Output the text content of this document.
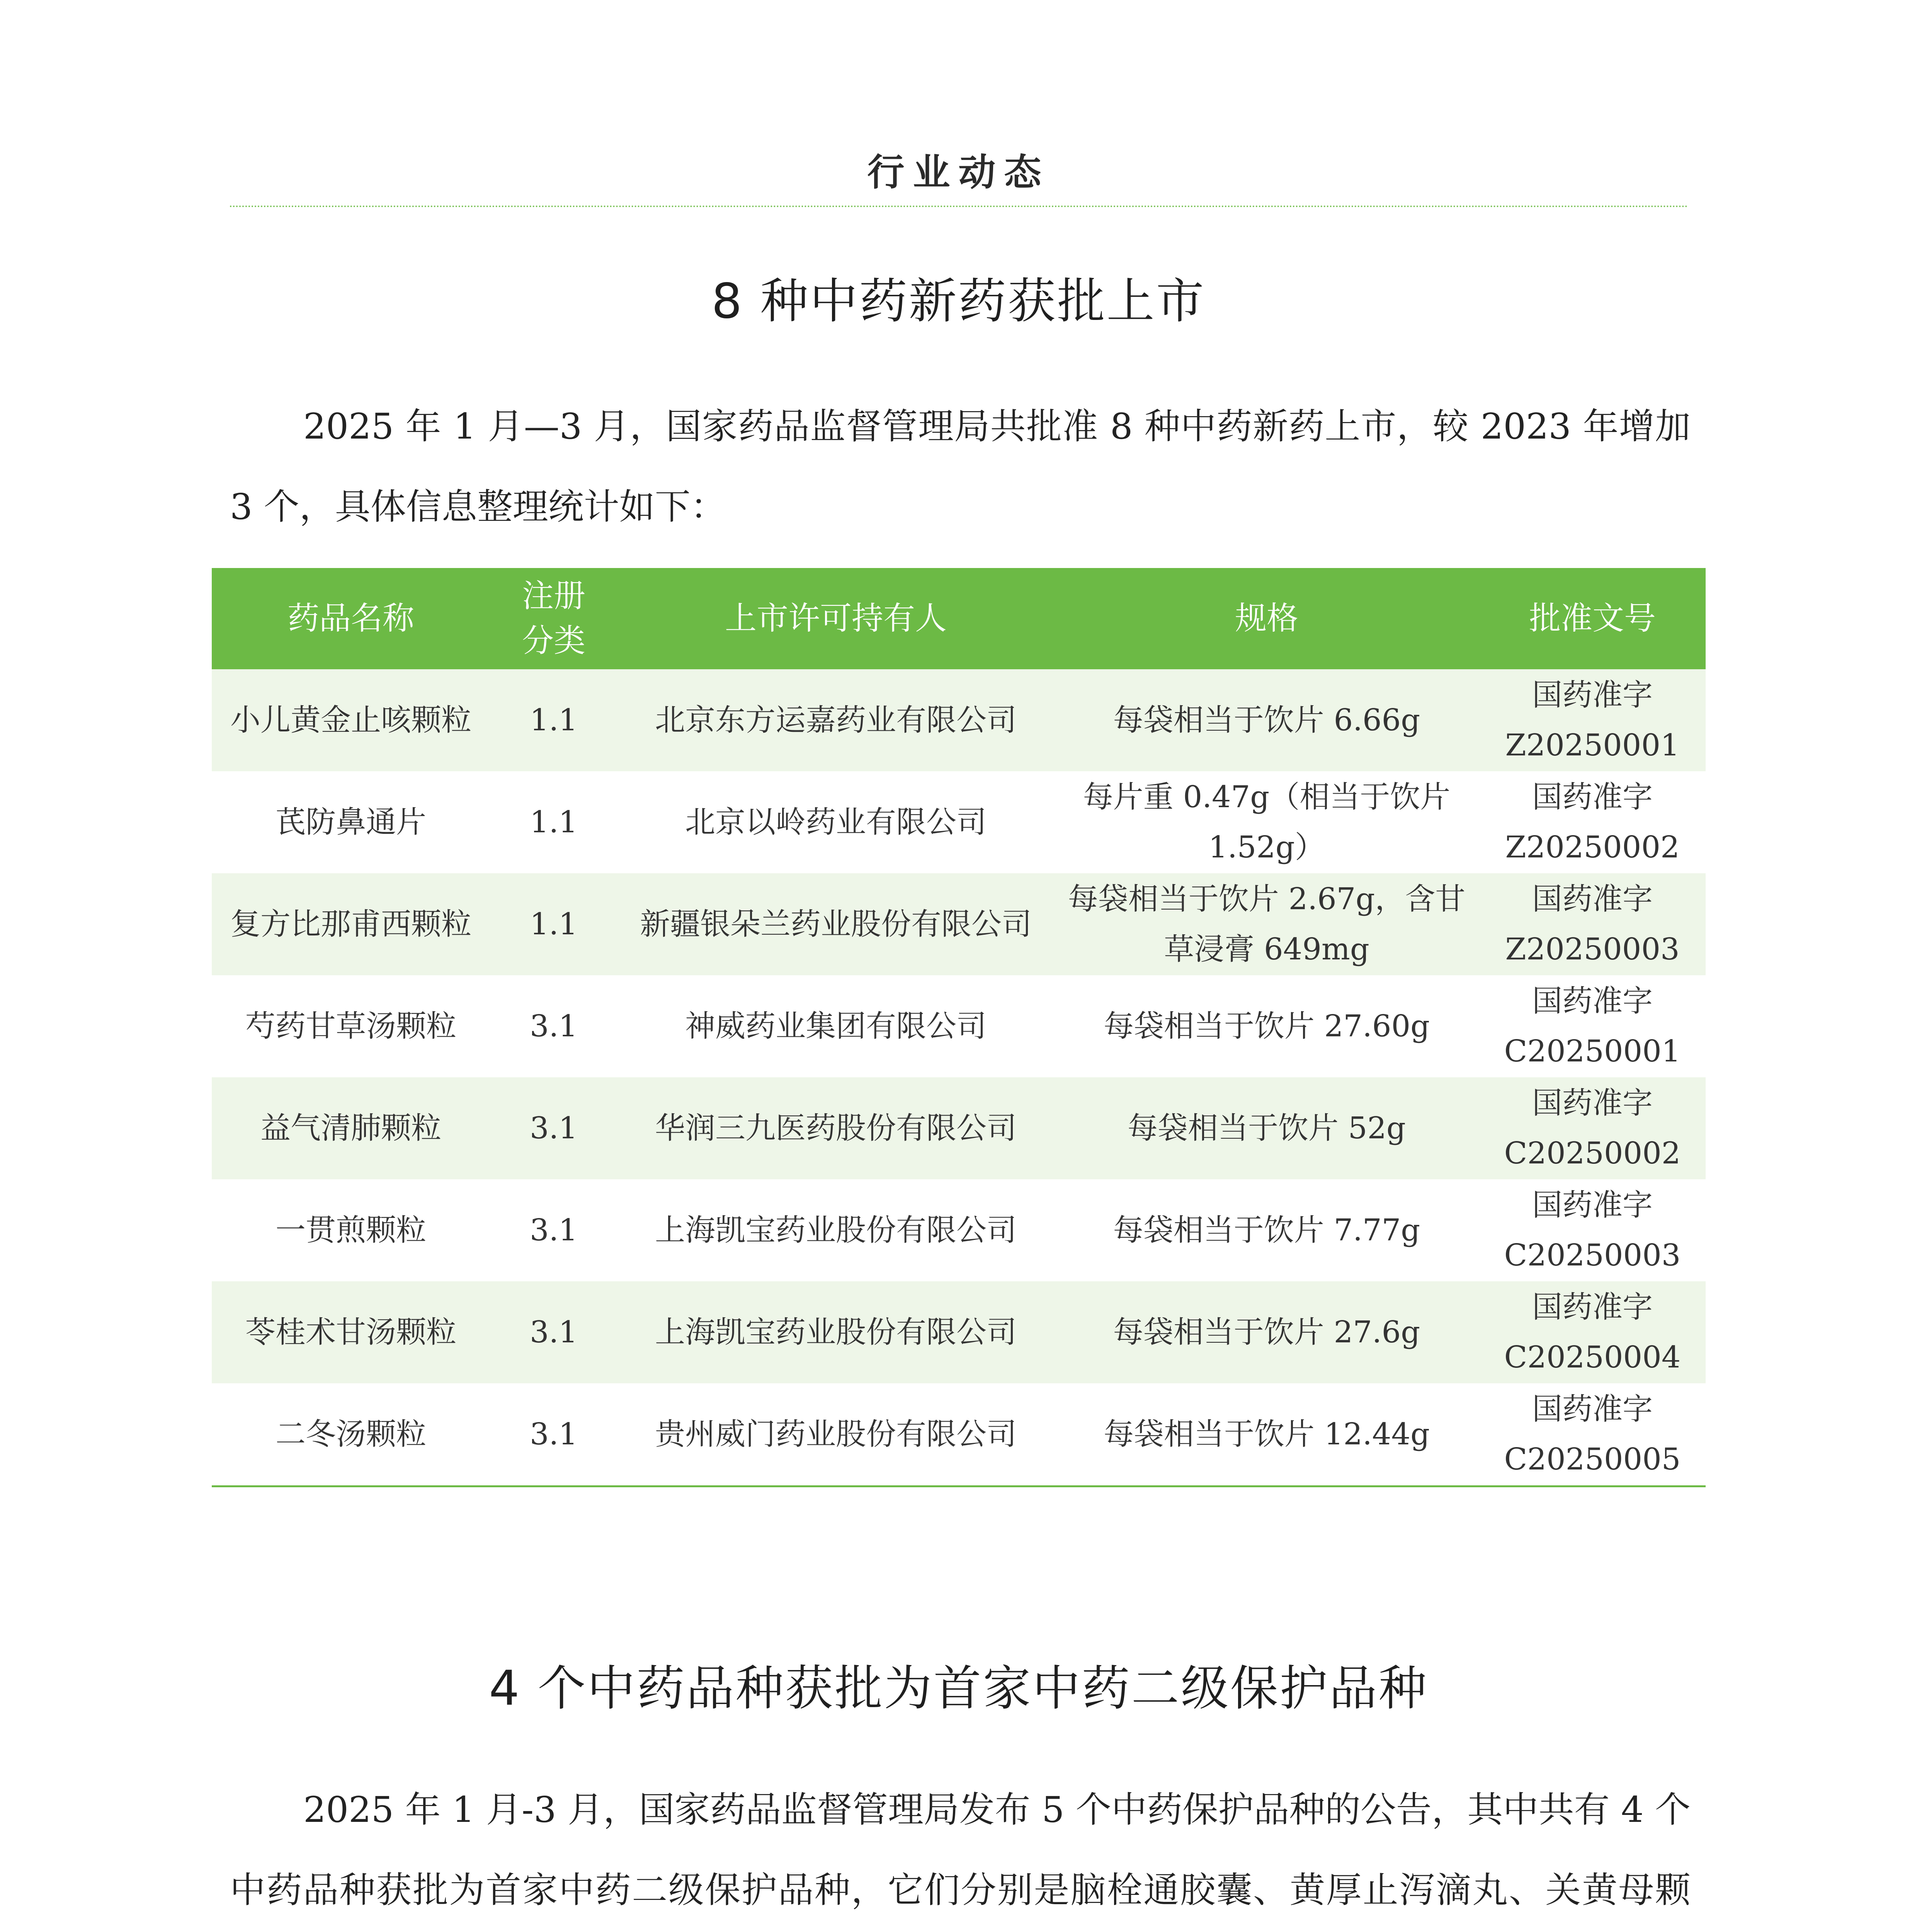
行业动态
8 种中药新药获批上市
2025 年 1 月—3 月，国家药品监督管理局共批准 8 种中药新药上市，较 2023 年增加 3 个，具体信息整理统计如下：
药品名称	注册分类	上市许可持有人	规格	批准文号
小儿黄金止咳颗粒	1.1	北京东方运嘉药业有限公司	每袋相当于饮片 6.66g	国药准字 Z20250001
芪防鼻通片	1.1	北京以岭药业有限公司	每片重 0.47g（相当于饮片 1.52g）	国药准字 Z20250002
复方比那甫西颗粒	1.1	新疆银朵兰药业股份有限公司	每袋相当于饮片 2.67g，含甘草浸膏 649mg	国药准字 Z20250003
芍药甘草汤颗粒	3.1	神威药业集团有限公司	每袋相当于饮片 27.60g	国药准字 C20250001
益气清肺颗粒	3.1	华润三九医药股份有限公司	每袋相当于饮片 52g	国药准字 C20250002
一贯煎颗粒	3.1	上海凯宝药业股份有限公司	每袋相当于饮片 7.77g	国药准字 C20250003
苓桂术甘汤颗粒	3.1	上海凯宝药业股份有限公司	每袋相当于饮片 27.6g	国药准字 C20250004
二冬汤颗粒	3.1	贵州威门药业股份有限公司	每袋相当于饮片 12.44g	国药准字 C20250005
4 个中药品种获批为首家中药二级保护品种
2025 年 1 月-3 月，国家药品监督管理局发布 5 个中药保护品种的公告，其中共有 4 个中药品种获批为首家中药二级保护品种，它们分别是脑栓通胶囊、黄厚止泻滴丸、关黄母颗
